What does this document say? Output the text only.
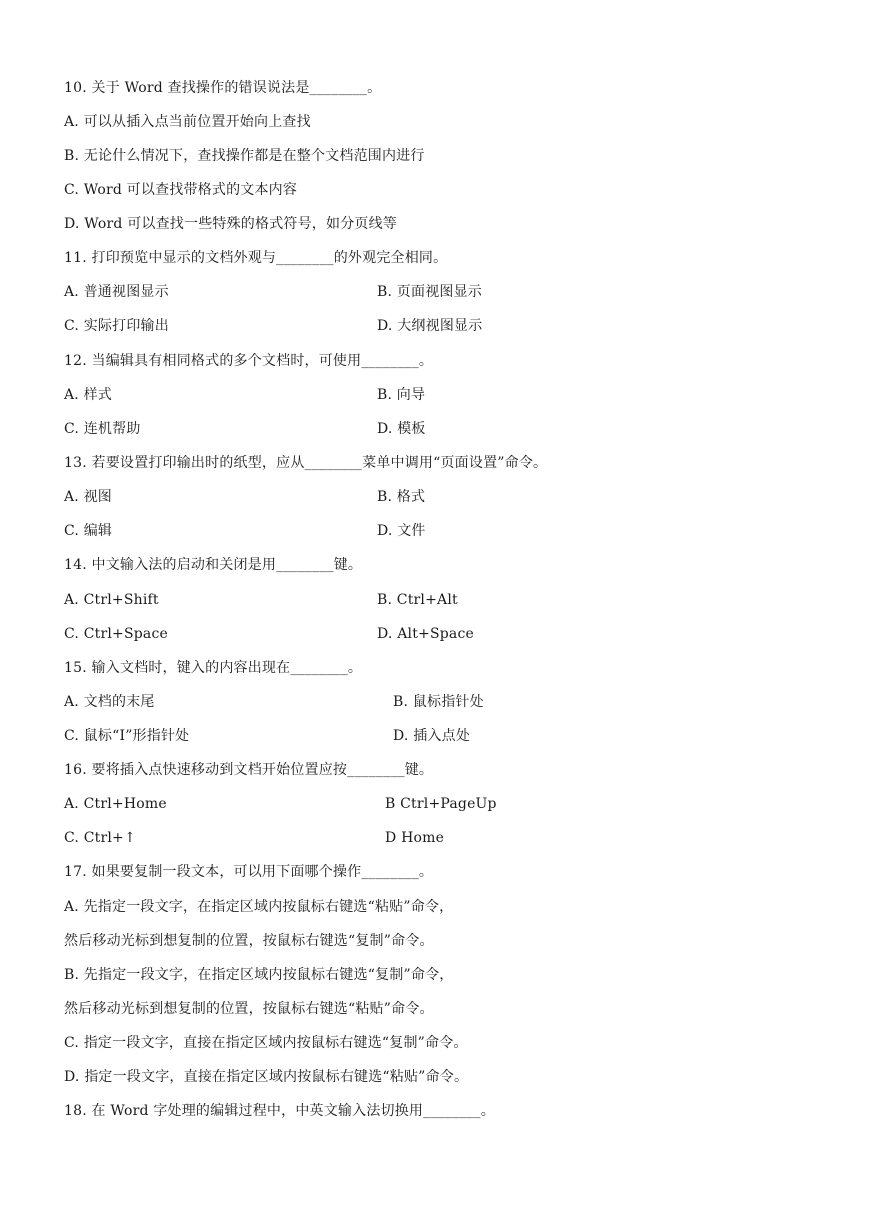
10. 关于 Word 查找操作的错误说法是________。
A. 可以从插入点当前位置开始向上查找
B. 无论什么情况下，查找操作都是在整个文档范围内进行
C. Word 可以查找带格式的文本内容
D. Word 可以查找一些特殊的格式符号，如分页线等
11. 打印预览中显示的文档外观与________的外观完全相同。
A. 普通视图显示	B. 页面视图显示
C. 实际打印输出	D. 大纲视图显示
12. 当编辑具有相同格式的多个文档时，可使用________。
A. 样式	B. 向导
C. 连机帮助	D. 模板
13. 若要设置打印输出时的纸型，应从________菜单中调用“页面设置”命令。
A. 视图	B. 格式
C. 编辑	D. 文件
14. 中文输入法的启动和关闭是用________键。
A. Ctrl+Shift	B. Ctrl+Alt
C. Ctrl+Space	D. Alt+Space
15. 输入文档时，键入的内容出现在________。
A. 文档的末尾	B. 鼠标指针处
C. 鼠标“I”形指针处	D. 插入点处
16. 要将插入点快速移动到文档开始位置应按________键。
A. Ctrl+Home	B Ctrl+PageUp
C. Ctrl+↑	D Home
17. 如果要复制一段文本，可以用下面哪个操作________。
A. 先指定一段文字，在指定区域内按鼠标右键选“粘贴”命令，
然后移动光标到想复制的位置，按鼠标右键选“复制”命令。
B. 先指定一段文字，在指定区域内按鼠标右键选“复制”命令，
然后移动光标到想复制的位置，按鼠标右键选“粘贴”命令。
C. 指定一段文字，直接在指定区域内按鼠标右键选“复制”命令。
D. 指定一段文字，直接在指定区域内按鼠标右键选“粘贴”命令。
18. 在 Word 字处理的编辑过程中，中英文输入法切换用________。
